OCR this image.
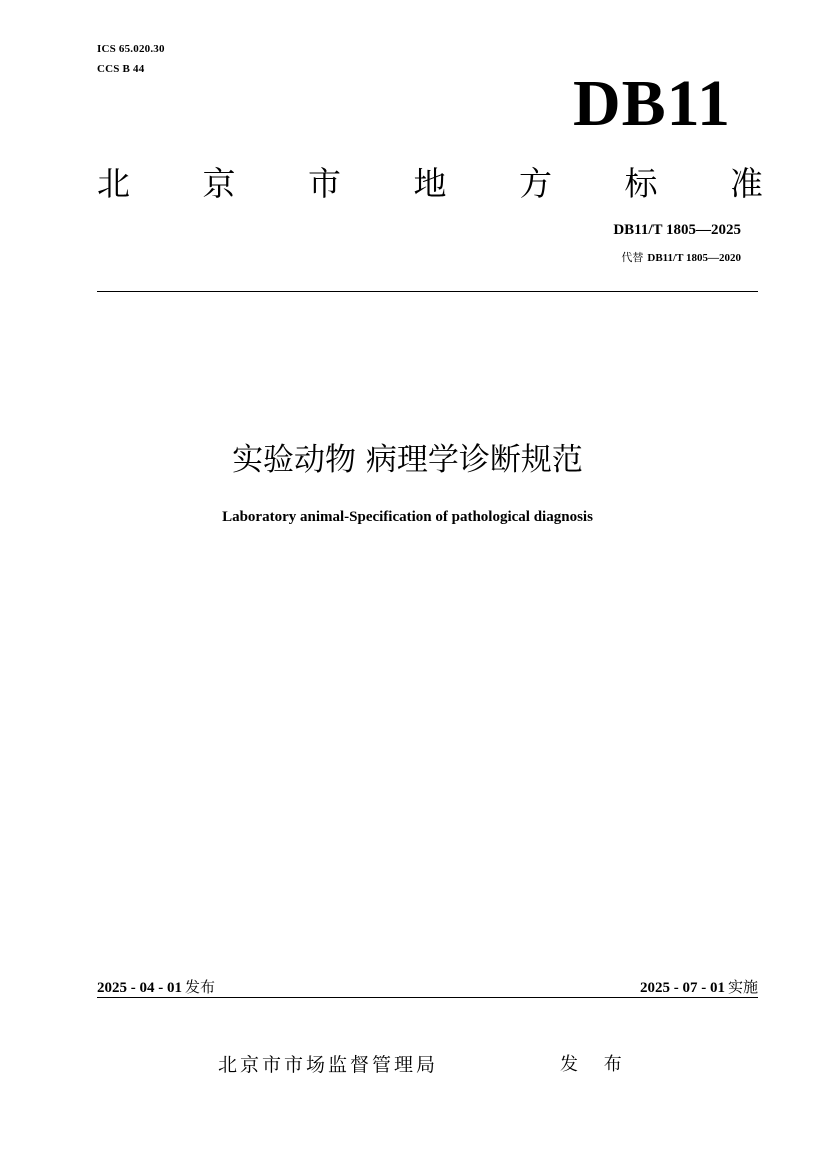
ICS 65.020.30
CCS B 44	DB11
北 京 市 地 方 标 准
DB11/T 1805—2025
代替 DB11/T 1805—2020
实验动物 病理学诊断规范
Laboratory animal-Specification of pathological diagnosis
2025 - 04 - 01 发布	2025 - 07 - 01 实施
北京市市场监督管理局	发 布
